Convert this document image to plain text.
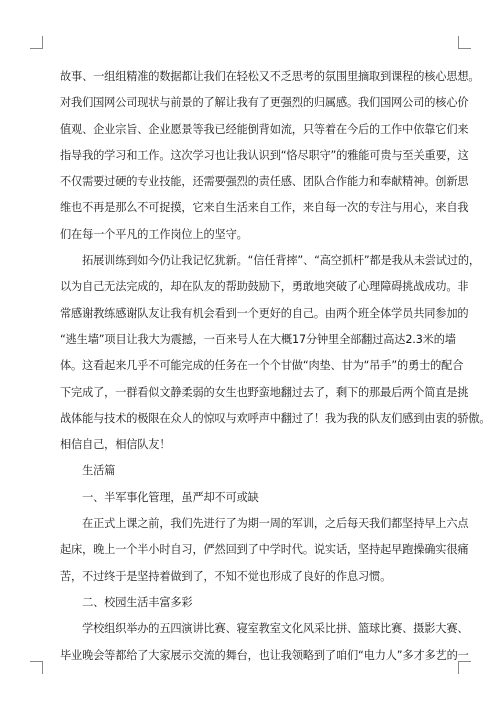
故事、一组组精准的数据都让我们在轻松又不乏思考的氛围里摘取到课程的核心思想。
对我们国网公司现状与前景的了解让我有了更强烈的归属感。我们国网公司的核心价
值观、企业宗旨、企业愿景等我已经能倒背如流，只等着在今后的工作中依靠它们来
指导我的学习和工作。这次学习也让我认识到“恪尽职守”的雅能可贵与至关重要，这
不仅需要过硬的专业技能，还需要强烈的责任感、团队合作能力和奉献精神。创新思
维也不再是那么不可捉摸，它来自生活来自工作，来自每一次的专注与用心，来自我
们在每一个平凡的工作岗位上的坚守。
　　拓展训练到如今仍让我记忆犹新。“信任背摔”、“高空抓杆”都是我从未尝试过的，
以为自己无法完成的，却在队友的帮助鼓励下，勇敢地突破了心理障碍挑战成功。非
常感谢教练感谢队友让我有机会看到一个更好的自己。由两个班全体学员共同参加的
“逃生墙”项目让我大为震撼，一百来号人在大概17分钟里全部翻过高达2.3米的墙
体。这看起来几乎不可能完成的任务在一个个甘做“肉垫、甘为“吊手”的勇士的配合
下完成了，一群看似文静柔弱的女生也野蛮地翻过去了，剩下的那最后两个简直是挑
战体能与技术的极限在众人的惊叹与欢呼声中翻过了！我为我的队友们感到由衷的骄傲。
相信自己，相信队友！
　　生活篇
　　一、半军事化管理，虽严却不可或缺
　　在正式上课之前，我们先进行了为期一周的军训，之后每天我们都坚持早上六点
起床，晚上一个半小时自习，俨然回到了中学时代。说实话，坚持起早跑操确实很痛
苦，不过终于是坚持着做到了，不知不觉也形成了良好的作息习惯。
　　二、校园生活丰富多彩
　　学校组织举办的五四演讲比赛、寝室教室文化风采比拼、篮球比赛、摄影大赛、
毕业晚会等都给了大家展示交流的舞台，也让我领略到了咱们“电力人”多才多艺的一
